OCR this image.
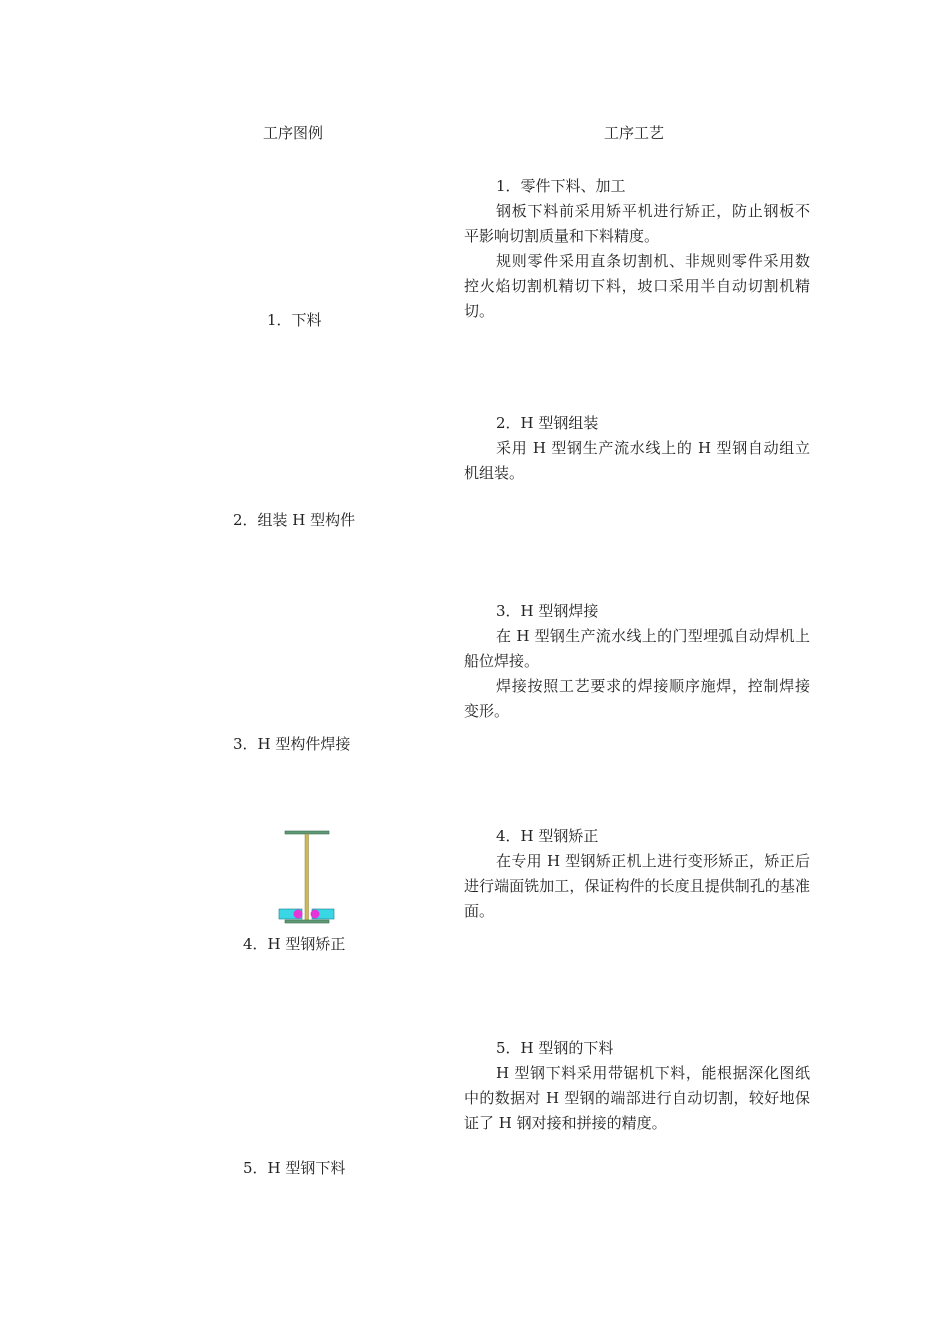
工序图例	工序工艺
1．下料
1．零件下料、加工
钢板下料前采用矫平机进行矫正，防止钢板不平影响切割质量和下料精度。
规则零件采用直条切割机、非规则零件采用数控火焰切割机精切下料，坡口采用半自动切割机精切。
2．组装 H 型构件
2．H 型钢组装
采用 H 型钢生产流水线上的 H 型钢自动组立机组装。
3．H 型构件焊接
3．H 型钢焊接
在 H 型钢生产流水线上的门型埋弧自动焊机上船位焊接。
焊接按照工艺要求的焊接顺序施焊，控制焊接变形。
4．H 型钢矫正
4．H 型钢矫正
在专用 H 型钢矫正机上进行变形矫正，矫正后进行端面铣加工，保证构件的长度且提供制孔的基准面。
5．H 型钢下料
5．H 型钢的下料
H 型钢下料采用带锯机下料，能根据深化图纸中的数据对 H 型钢的端部进行自动切割，较好地保证了 H 钢对接和拼接的精度。
